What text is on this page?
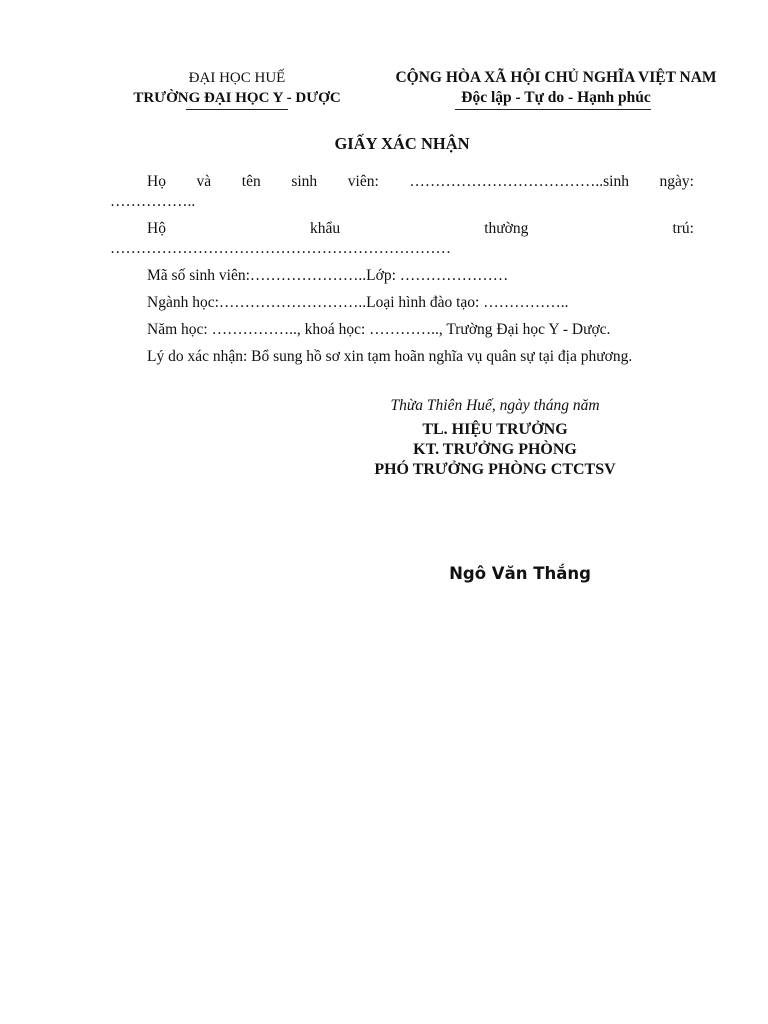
ĐẠI HỌC HUẾ
TRƯỜNG ĐẠI HỌC Y - DƯỢC
CỘNG HÒA XÃ HỘI CHỦ NGHĨA VIỆT NAM
Độc lập - Tự do - Hạnh phúc
GIẤY XÁC NHẬN

Họ và tên sinh viên: ………………………………..sinh ngày:

……………..

Hộ khẩu thường trú:

…………………………………………………………

Mã số sinh viên:…………………..Lớp: …………………

Ngành học:………………………..Loại hình đào tạo: ……………..

Năm học: …………….., khoá học: ………….., Trường Đại học Y - Dược.

Lý do xác nhận: Bổ sung hồ sơ xin tạm hoãn nghĩa vụ quân sự tại địa phương.

Thừa Thiên Huế, ngày tháng năm
TL. HIỆU TRƯỞNG
KT. TRƯỞNG PHÒNG
PHÓ TRƯỞNG PHÒNG CTCTSV
Ngô Văn Thắng
